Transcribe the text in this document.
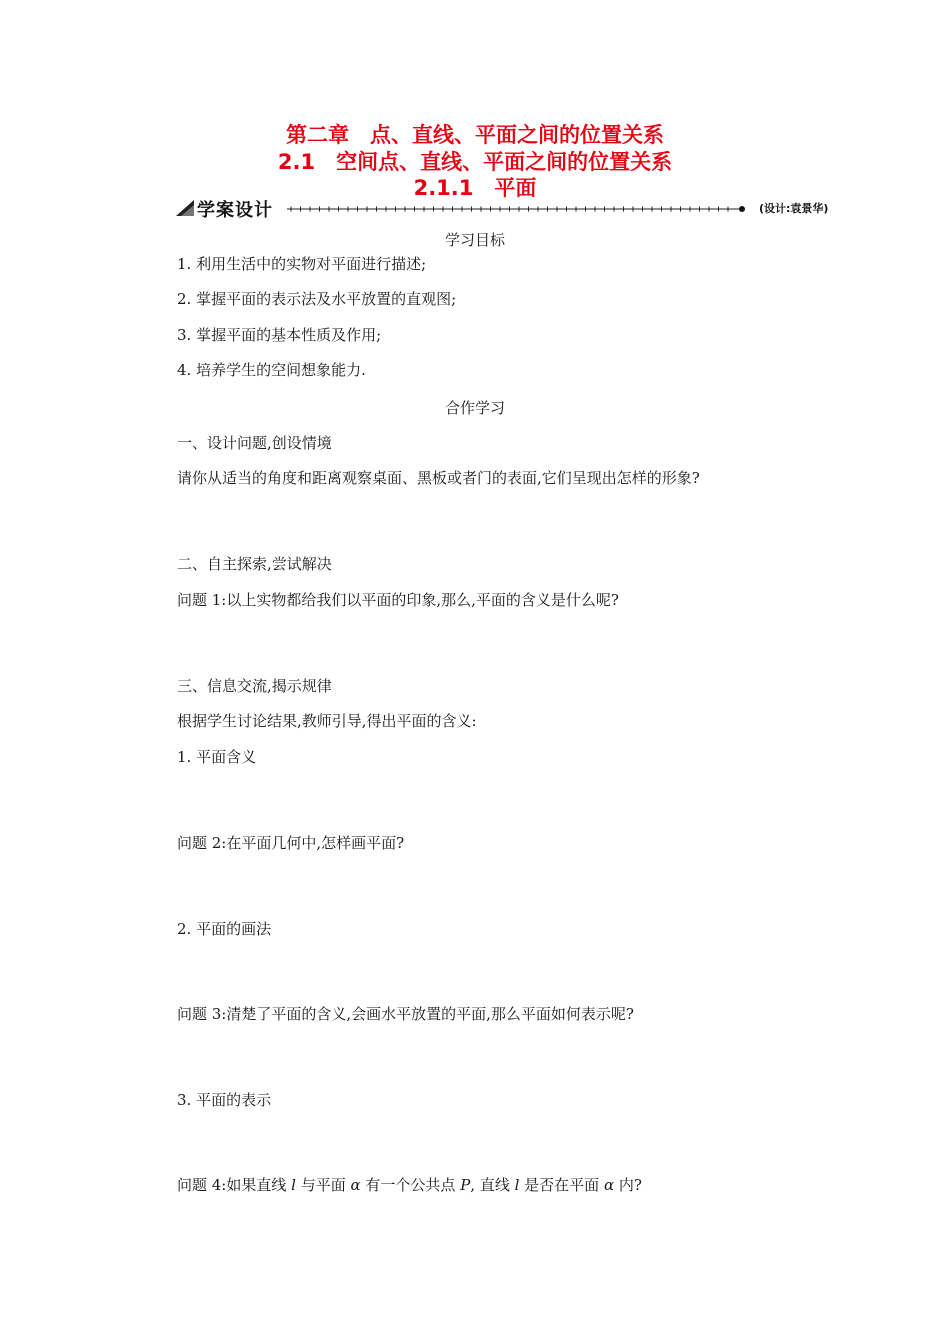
第二章　点、直线、平面之间的位置关系
2.1　空间点、直线、平面之间的位置关系
2.1.1　平面
学案设计	(设计:袁景华)
学习目标
1. 利用生活中的实物对平面进行描述;
2. 掌握平面的表示法及水平放置的直观图;
3. 掌握平面的基本性质及作用;
4. 培养学生的空间想象能力.
合作学习
一、设计问题,创设情境
请你从适当的角度和距离观察桌面、黑板或者门的表面,它们呈现出怎样的形象?
二、自主探索,尝试解决
问题 1:以上实物都给我们以平面的印象,那么,平面的含义是什么呢?
三、信息交流,揭示规律
根据学生讨论结果,教师引导,得出平面的含义:
1. 平面含义
问题 2:在平面几何中,怎样画平面?
2. 平面的画法
问题 3:清楚了平面的含义,会画水平放置的平面,那么平面如何表示呢?
3. 平面的表示
问题 4:如果直线 l 与平面 α 有一个公共点 P, 直线 l 是否在平面 α 内?
